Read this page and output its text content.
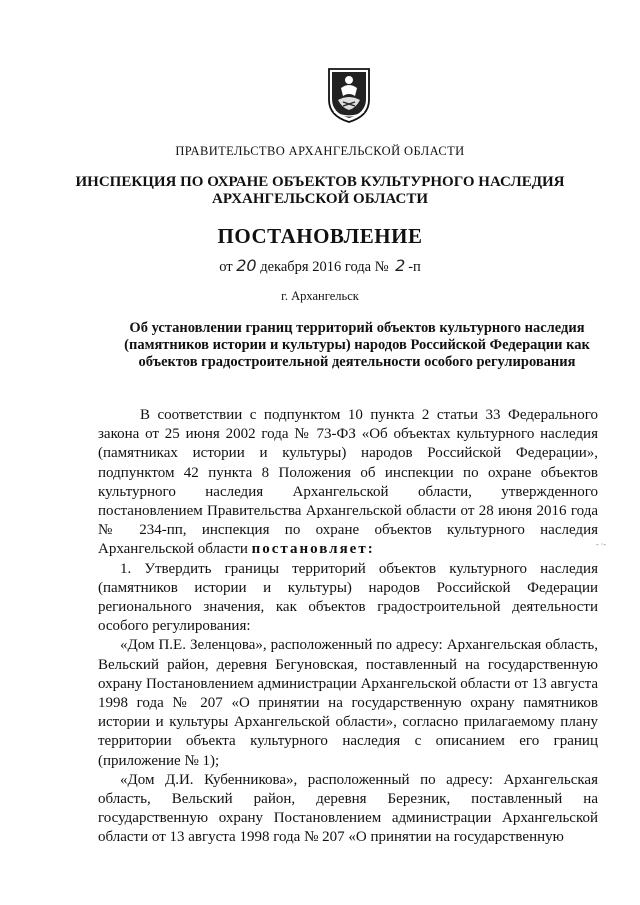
ПРАВИТЕЛЬСТВО АРХАНГЕЛЬСКОЙ ОБЛАСТИ
ИНСПЕКЦИЯ ПО ОХРАНЕ ОБЪЕКТОВ КУЛЬТУРНОГО НАСЛЕДИЯ
АРХАНГЕЛЬСКОЙ ОБЛАСТИ
ПОСТАНОВЛЕНИЕ
от 20 декабря 2016 года № 2 -п
г. Архангельск
Об установлении границ территорий объектов культурного наследия
(памятников истории и культуры) народов Российской Федерации как
объектов градостроительной деятельности особого регулирования

В соответствии с подпунктом 10 пункта 2 статьи 33 Федерального закона от 25 июня 2002 года № 73-ФЗ «Об объектах культурного наследия (памятниках истории и культуры) народов Российской Федерации», подпунктом 42 пункта 8 Положения об инспекции по охране объектов культурного наследия Архангельской области, утвержденного постановлением Правительства Архангельской области от 28 июня 2016 года № 234-пп, инспекция по охране объектов культурного наследия Архангельской области постановляет:

1. Утвердить границы территорий объектов культурного наследия (памятников истории и культуры) народов Российской Федерации регионального значения, как объектов градостроительной деятельности особого регулирования:

«Дом П.Е. Зеленцова», расположенный по адресу: Архангельская область, Вельский район, деревня Бегуновская, поставленный на государственную охрану Постановлением администрации Архангельской области от 13 августа 1998 года № 207 «О принятии на государственную охрану памятников истории и культуры Архангельской области», согласно прилагаемому плану территории объекта культурного наследия с описанием его границ (приложение № 1);

«Дом Д.И. Кубенникова», расположенный по адресу: Архангельская область, Вельский район, деревня Березник, поставленный на государственную охрану Постановлением администрации Архангельской области от 13 августа 1998 года № 207 «О принятии на государственную

‑ ·‑
